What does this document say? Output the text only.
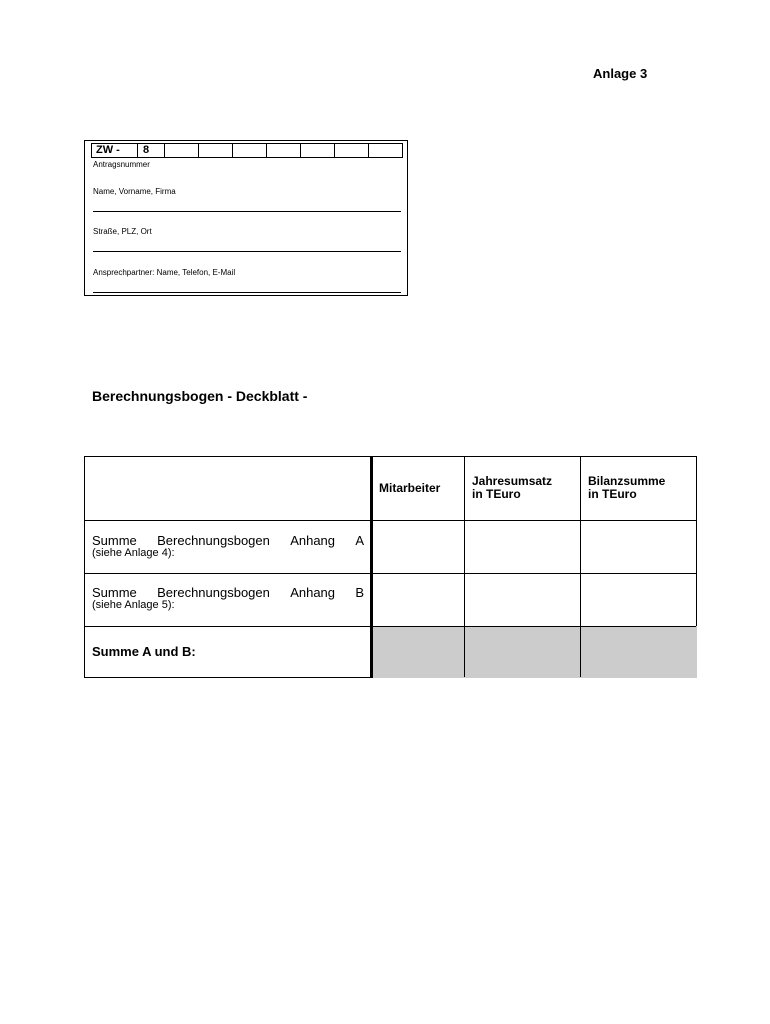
Anlage 3
ZW -	8
Antragsnummer
Name, Vorname, Firma
Straße, PLZ, Ort
Ansprechpartner: Name, Telefon, E-Mail
Berechnungsbogen - Deckblatt -
Mitarbeiter	Jahresumsatz
in TEuro
Bilanzsumme
in TEuro
Summe Berechnungsbogen Anhang A
(siehe Anlage 4):
Summe Berechnungsbogen Anhang B
(siehe Anlage 5):
Summe A und B:
